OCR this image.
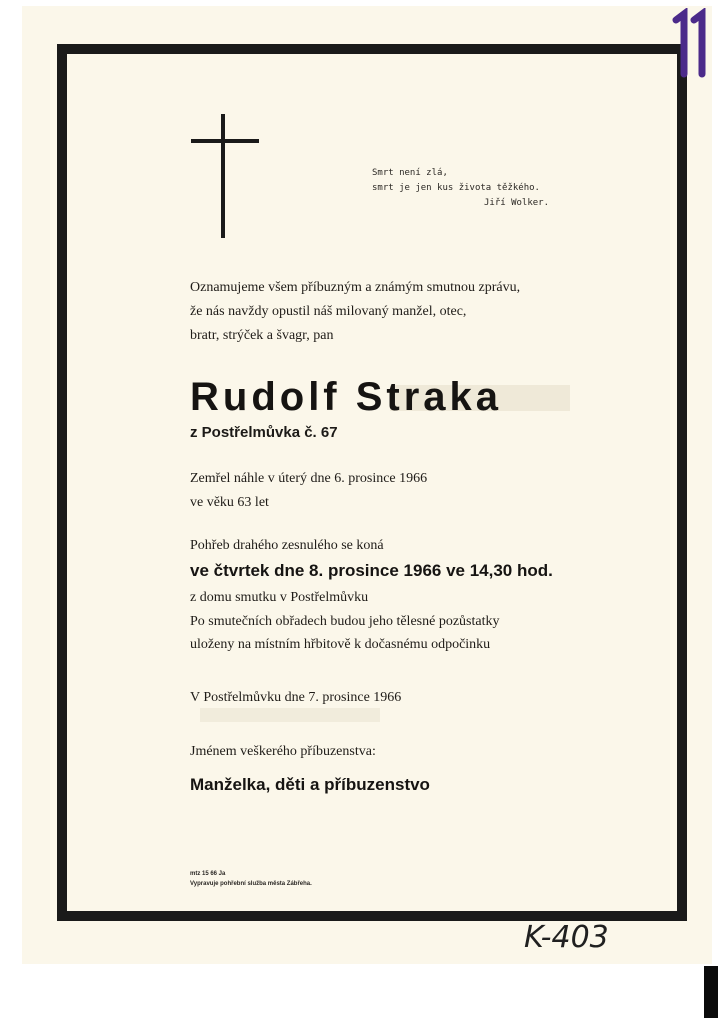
Smrt není zlá,
smrt je jen kus života těžkého.
Jiří Wolker.
Oznamujeme všem příbuzným a známým smutnou zprávu,
že nás navždy opustil náš milovaný manžel, otec,
bratr, strýček a švagr, pan
Rudolf Straka
z Postřelmůvka č. 67
Zemřel náhle v úterý dne 6. prosince 1966
ve věku 63 let
Pohřeb drahého zesnulého se koná
ve čtvrtek dne 8. prosince 1966 ve 14,30 hod.
z domu smutku v Postřelmůvku
Po smutečních obřadech budou jeho tělesné pozůstatky
uloženy na místním hřbitově k dočasnému odpočinku
V Postřelmůvku dne 7. prosince 1966
Jménem veškerého příbuzenstva:
Manželka, děti a příbuzenstvo
mtz 15 66 Ja
Vypravuje pohřební služba města Zábřeha.
K-403
